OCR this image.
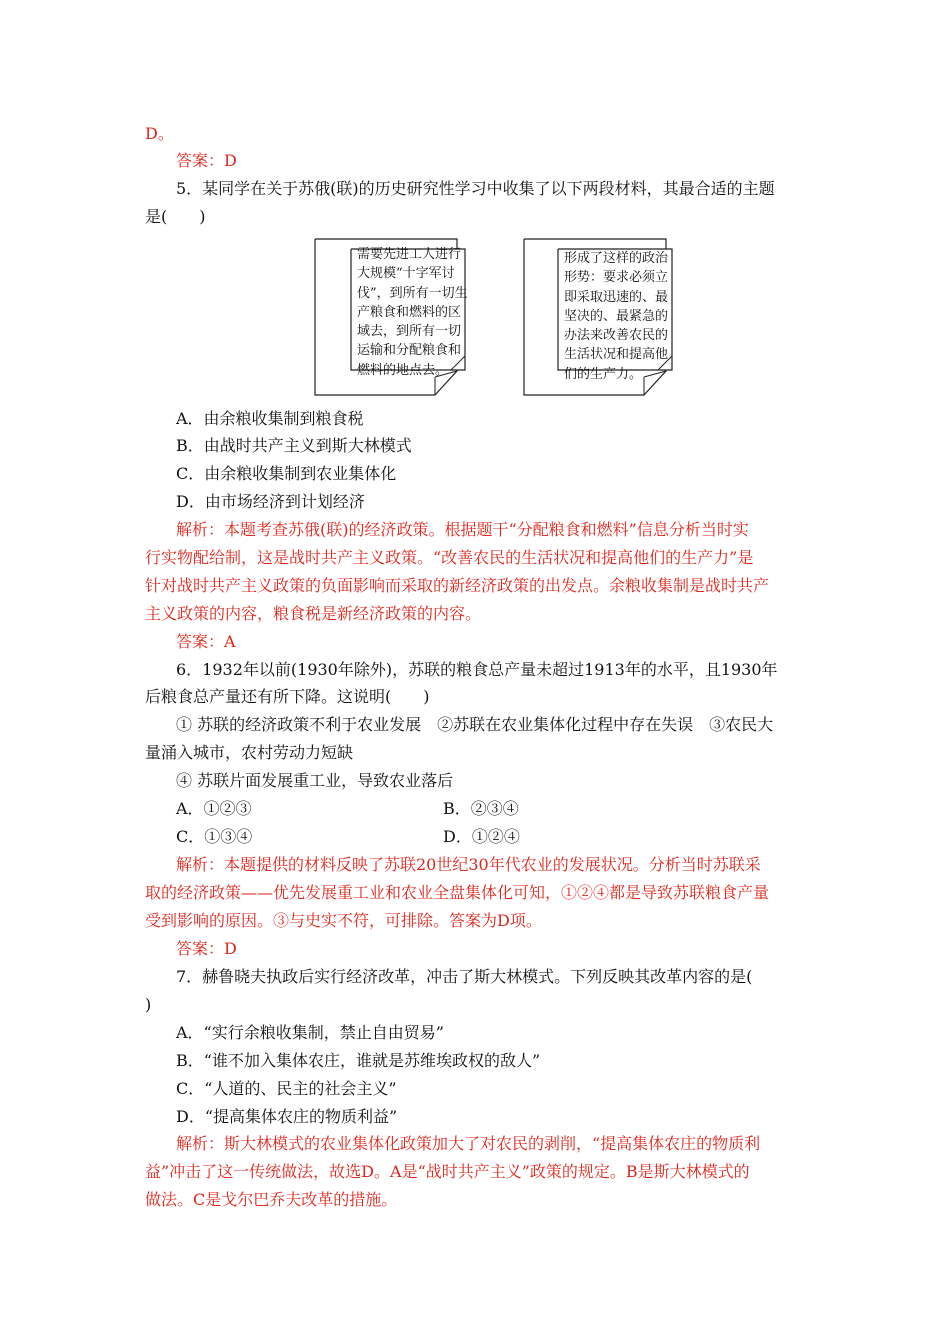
D。
答案：D
5．某同学在关于苏俄(联)的历史研究性学习中收集了以下两段材料，其最合适的主题
是(　　)
需要先进工人进行
大规模“十字军讨
伐”，到所有一切生
产粮食和燃料的区
域去，到所有一切
运输和分配粮食和
燃料的地点去。
形成了这样的政治
形势：要求必须立
即采取迅速的、最
坚决的、最紧急的
办法来改善农民的
生活状况和提高他
们的生产力。
A．由余粮收集制到粮食税
B．由战时共产主义到斯大林模式
C．由余粮收集制到农业集体化
D．由市场经济到计划经济
解析：本题考查苏俄(联)的经济政策。根据题干“分配粮食和燃料”信息分析当时实
行实物配给制，这是战时共产主义政策。“改善农民的生活状况和提高他们的生产力”是
针对战时共产主义政策的负面影响而采取的新经济政策的出发点。余粮收集制是战时共产
主义政策的内容，粮食税是新经济政策的内容。
答案：A
6．1932年以前(1930年除外)，苏联的粮食总产量未超过1913年的水平，且1930年
后粮食总产量还有所下降。这说明(　　)
① 苏联的经济政策不利于农业发展　②苏联在农业集体化过程中存在失误　③农民大
量涌入城市，农村劳动力短缺
④ 苏联片面发展重工业，导致农业落后
A．①②③	B．②③④
C．①③④	D．①②④
解析：本题提供的材料反映了苏联20世纪30年代农业的发展状况。分析当时苏联采
取的经济政策——优先发展重工业和农业全盘集体化可知，①②④都是导致苏联粮食产量
受到影响的原因。③与史实不符，可排除。答案为D项。
答案：D
7．赫鲁晓夫执政后实行经济改革，冲击了斯大林模式。下列反映其改革内容的是(
)
A．“实行余粮收集制，禁止自由贸易”
B．“谁不加入集体农庄，谁就是苏维埃政权的敌人”
C．“人道的、民主的社会主义”
D．“提高集体农庄的物质利益”
解析：斯大林模式的农业集体化政策加大了对农民的剥削，“提高集体农庄的物质利
益”冲击了这一传统做法，故选D。A是“战时共产主义”政策的规定。B是斯大林模式的
做法。C是戈尔巴乔夫改革的措施。
